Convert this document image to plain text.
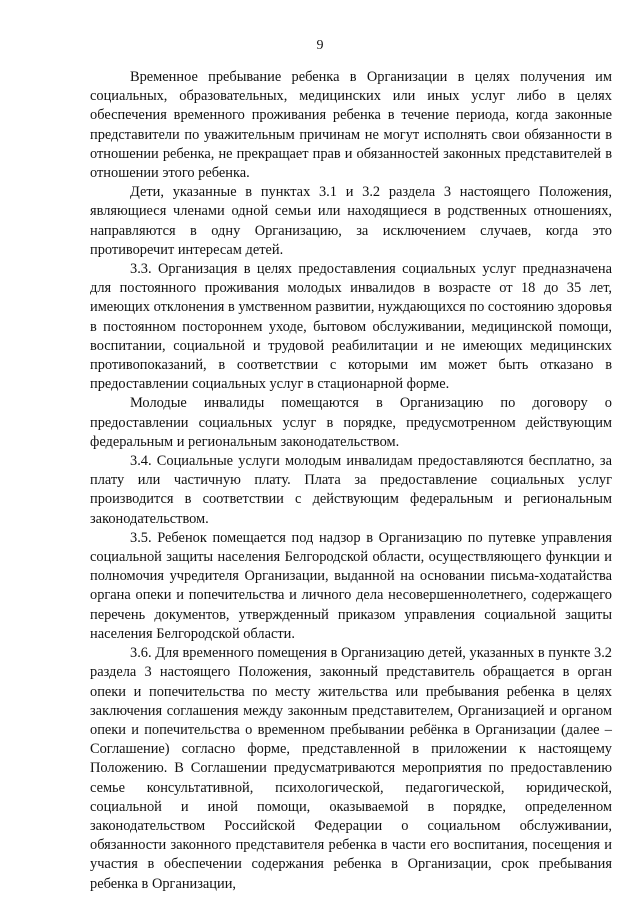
9

Временное пребывание ребенка в Организации в целях получения им социальных, образовательных, медицинских или иных услуг либо в целях обеспечения временного проживания ребенка в течение периода, когда законные представители по уважительным причинам не могут исполнять свои обязанности в отношении ребенка, не прекращает прав и обязанностей законных представителей в отношении этого ребенка.

Дети, указанные в пунктах 3.1 и 3.2 раздела 3 настоящего Положения, являющиеся членами одной семьи или находящиеся в родственных отношениях, направляются в одну Организацию, за исключением случаев, когда это противоречит интересам детей.

3.3. Организация в целях предоставления социальных услуг предназначена для постоянного проживания молодых инвалидов в возрасте от 18 до 35 лет, имеющих отклонения в умственном развитии, нуждающихся по состоянию здоровья в постоянном постороннем уходе, бытовом обслуживании, медицинской помощи, воспитании, социальной и трудовой реабилитации и не имеющих медицинских противопоказаний, в соответствии с которыми им может быть отказано в предоставлении социальных услуг в стационарной форме.

Молодые инвалиды помещаются в Организацию по договору о предоставлении социальных услуг в порядке, предусмотренном действующим федеральным и региональным законодательством.

3.4. Социальные услуги молодым инвалидам предоставляются бесплатно, за плату или частичную плату. Плата за предоставление социальных услуг производится в соответствии с действующим федеральным и региональным законодательством.

3.5. Ребенок помещается под надзор в Организацию по путевке управления социальной защиты населения Белгородской области, осуществляющего функции и полномочия учредителя Организации, выданной на основании письма-ходатайства органа опеки и попечительства и личного дела несовершеннолетнего, содержащего перечень документов, утвержденный приказом управления социальной защиты населения Белгородской области.

3.6. Для временного помещения в Организацию детей, указанных в пункте 3.2 раздела 3 настоящего Положения, законный представитель обращается в орган опеки и попечительства по месту жительства или пребывания ребенка в целях заключения соглашения между законным представителем, Организацией и органом опеки и попечительства о временном пребывании ребёнка в Организации (далее – Соглашение) согласно форме, представленной в приложении к настоящему Положению. В Соглашении предусматриваются мероприятия по предоставлению семье консультативной, психологической, педагогической, юридической, социальной и иной помощи, оказываемой в порядке, определенном законодательством Российской Федерации о социальном обслуживании, обязанности законного представителя ребенка в части его воспитания, посещения и участия в обеспечении содержания ребенка в Организации, срок пребывания ребенка в Организации,
